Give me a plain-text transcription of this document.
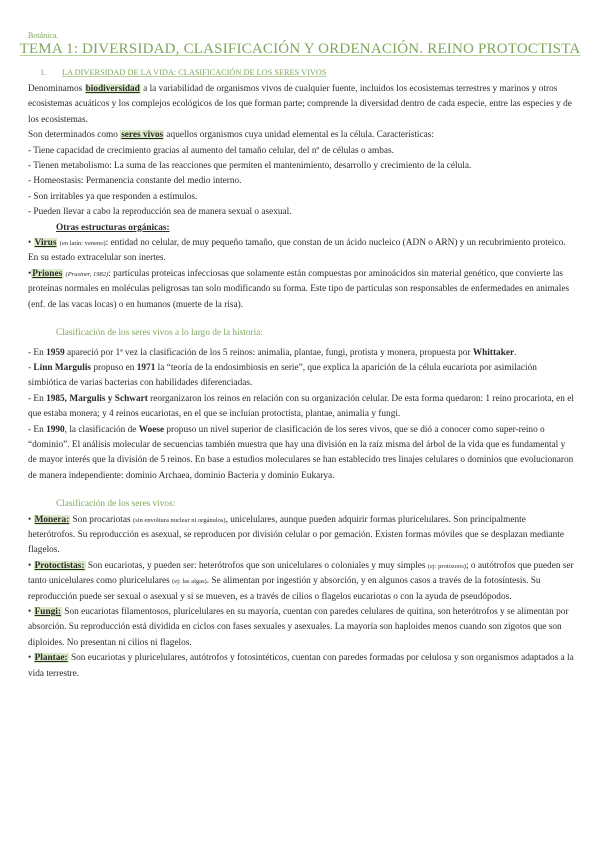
Botánica.
TEMA 1: DIVERSIDAD, CLASIFICACIÓN Y ORDENACIÓN. REINO PROTOCTISTA
1. LA DIVERSIDAD DE LA VIDA: CLASIFICACIÓN DE LOS SERES VIVOS

Denominamos biodiversidad a la variabilidad de organismos vivos de cualquier fuente, incluidos los ecosistemas terrestres y marinos y otros ecosistemas acuáticos y los complejos ecológicos de los que forman parte; comprende la diversidad dentro de cada especie, entre las especies y de los ecosistemas.

Son determinados como seres vivos aquellos organismos cuya unidad elemental es la célula. Características:

- Tiene capacidad de crecimiento gracias al aumento del tamaño celular, del nº de células o ambas.

- Tienen metabolismo: La suma de las reacciones que permiten el mantenimiento, desarrollo y crecimiento de la célula.

- Homeostasis: Permanencia constante del medio interno.

- Son irritables ya que responden a estímulos.

- Pueden llevar a cabo la reproducción sea de manera sexual o asexual.

Otras estructuras orgánicas:

• Virus (en latín: veneno): entidad no celular, de muy pequeño tamaño, que constan de un ácido nucleico (ADN o ARN) y un recubrimiento proteico. En su estado extracelular son inertes.

•Priones (Prusiner, 1982): partículas proteicas infecciosas que solamente están compuestas por aminoácidos sin material genético, que convierte las proteínas normales en moléculas peligrosas tan solo modificando su forma. Este tipo de partículas son responsables de enfermedades en animales (enf. de las vacas locas) o en humanos (muerte de la risa).

Clasificación de los seres vivos a lo largo de la historia:

- En 1959 apareció por 1ª vez la clasificación de los 5 reinos: animalia, plantae, fungi, protista y monera, propuesta por Whittaker.

- Linn Margulis propuso en 1971 la “teoría de la endosimbiosis en serie”, que explica la aparición de la célula eucariota por asimilación simbiótica de varias bacterias con habilidades diferenciadas.

- En 1985, Margulis y Schwart reorganizaron los reinos en relación con su organización celular. De esta forma quedaron: 1 reino procariota, en el que estaba monera; y 4 reinos eucariotas, en el que se incluían protoctista, plantae, animalia y fungi.

- En 1990, la clasificación de Woese propuso un nivel superior de clasificación de los seres vivos, que se dió a conocer como super-reino o “dominio”. El análisis molecular de secuencias también muestra que hay una división en la raíz misma del árbol de la vida que es fundamental y de mayor interés que la división de 5 reinos. En base a estudios moleculares se han establecido tres linajes celulares o dominios que evolucionaron de manera independiente: dominio Archaea, dominio Bacteria y dominio Eukarya.

Clasificación de los seres vivos:

• Monera: Son procariotas (sin envoltura nuclear ni orgánulos), unicelulares, aunque pueden adquirir formas pluricelulares. Son principalmente heterótrofos. Su reproducción es asexual, se reproducen por división celular o por gemación. Existen formas móviles que se desplazan mediante flagelos.

• Protoctistas: Son eucariotas, y pueden ser: heterótrofos que son unicelulares o coloniales y muy simples (ej: protozoos); o autótrofos que pueden ser tanto unicelulares como pluricelulares (ej: las algas). Se alimentan por ingestión y absorción, y en algunos casos a través de la fotosíntesis. Su reproducción puede ser sexual o asexual y si se mueven, es a través de cilios o flagelos eucariotas o con la ayuda de pseudópodos.

• Fungi: Son eucariotas filamentosos, pluricelulares en su mayoría, cuentan con paredes celulares de quitina, son heterótrofos y se alimentan por absorción. Su reproducción está dividida en ciclos con fases sexuales y asexuales. La mayoría son haploides menos cuando son zigotos que son diploides. No presentan ni cilios ni flagelos.

• Plantae: Son eucariotas y pluricelulares, autótrofos y fotosintéticos, cuentan con paredes formadas por celulosa y son organismos adaptados a la vida terrestre.
